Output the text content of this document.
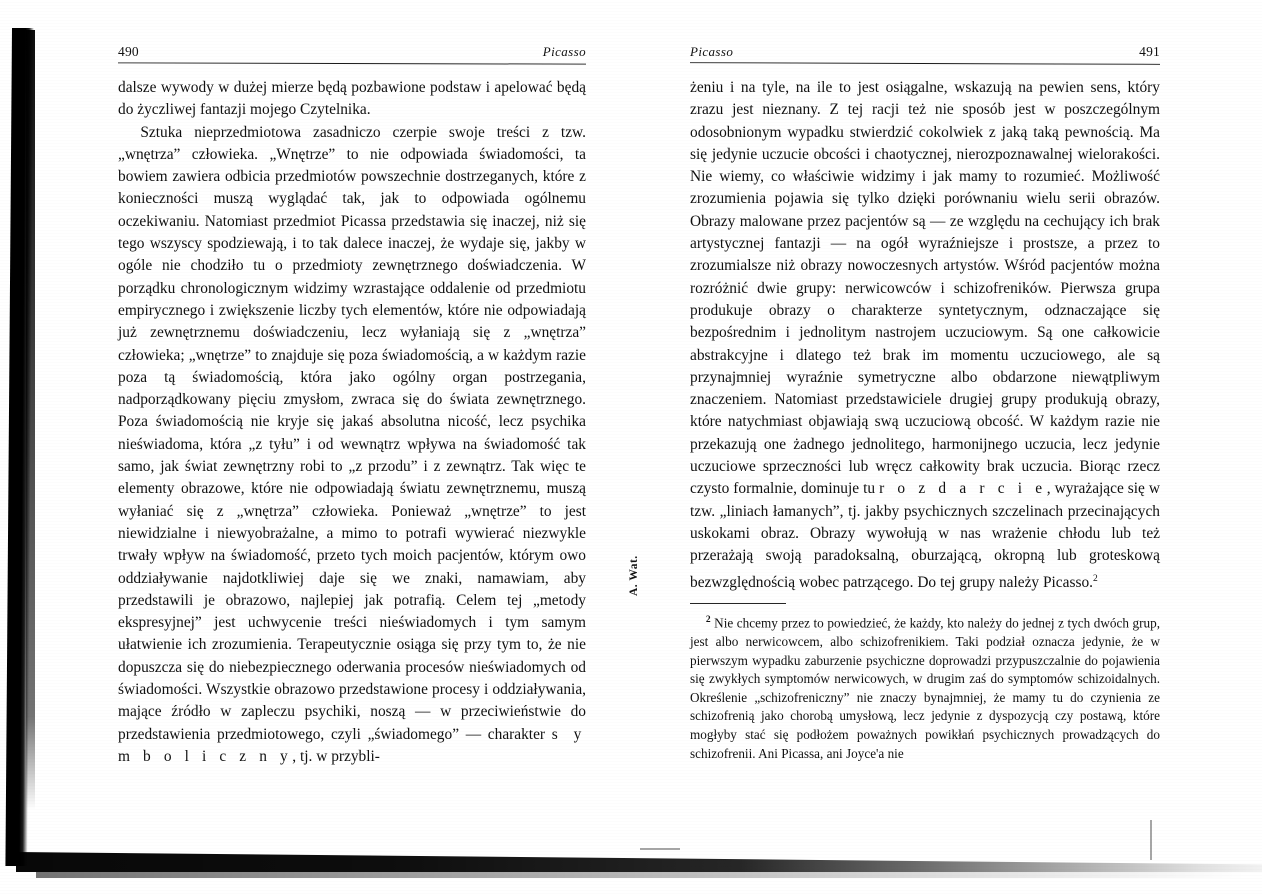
490	Picasso

dalsze wywody w dużej mierze będą pozbawione podstaw i apelować będą do życzliwej fantazji mojego Czytelnika.

Sztuka nieprzedmiotowa zasadniczo czerpie swoje treści z tzw. „wnętrza” człowieka. „Wnętrze” to nie odpowiada świadomości, ta bowiem zawiera odbicia przedmiotów powszechnie dostrzeganych, które z konieczności muszą wyglądać tak, jak to odpowiada ogólnemu oczekiwaniu. Natomiast przedmiot Picassa przedstawia się inaczej, niż się tego wszyscy spodziewają, i to tak dalece inaczej, że wydaje się, jakby w ogóle nie chodziło tu o przedmioty zewnętrznego doświadczenia. W porządku chronologicznym widzimy wzrastające oddalenie od przedmiotu empirycznego i zwiększenie liczby tych elementów, które nie odpowiadają już zewnętrznemu doświadczeniu, lecz wyłaniają się z „wnętrza” człowieka; „wnętrze” to znajduje się poza świadomością, a w każdym razie poza tą świadomością, która jako ogólny organ postrzegania, nadporządkowany pięciu zmysłom, zwraca się do świata zewnętrznego. Poza świadomością nie kryje się jakaś absolutna nicość, lecz psychika nieświadoma, która „z tyłu” i od wewnątrz wpływa na świadomość tak samo, jak świat zewnętrzny robi to „z przodu” i z zewnątrz. Tak więc te elementy obrazowe, które nie odpowiadają światu zewnętrznemu, muszą wyłaniać się z „wnętrza” człowieka. Ponieważ „wnętrze” to jest niewidzialne i niewyobrażalne, a mimo to potrafi wywierać niezwykle trwały wpływ na świadomość, przeto tych moich pacjentów, którym owo oddziaływanie najdotkliwiej daje się we znaki, namawiam, aby przedstawili je obrazowo, najlepiej jak potrafią. Celem tej „metody ekspresyjnej” jest uchwycenie treści nieświadomych i tym samym ułatwienie ich zrozumienia. Terapeutycznie osiąga się przy tym to, że nie dopuszcza się do niebezpiecznego oderwania procesów nieświadomych od świadomości. Wszystkie obrazowo przedstawione procesy i oddziaływania, mające źródło w zapleczu psychiki, noszą — w przeciwieństwie do przedstawienia przedmiotowego, czyli „świadomego” — charakter s y m b o l i c z n y, tj. w przybli-

A. Wat.
Picasso	491

żeniu i na tyle, na ile to jest osiągalne, wskazują na pewien sens, który zrazu jest nieznany. Z tej racji też nie sposób jest w poszczególnym odosobnionym wypadku stwierdzić cokolwiek z jaką taką pewnością. Ma się jedynie uczucie obcości i chaotycznej, nierozpoznawalnej wielorakości. Nie wiemy, co właściwie widzimy i jak mamy to rozumieć. Możliwość zrozumienia pojawia się tylko dzięki porównaniu wielu serii obrazów. Obrazy malowane przez pacjentów są — ze względu na cechujący ich brak artystycznej fantazji — na ogół wyraźniejsze i prostsze, a przez to zrozumialsze niż obrazy nowoczesnych artystów. Wśród pacjentów można rozróżnić dwie grupy: nerwicowców i schizofreników. Pierwsza grupa produkuje obrazy o charakterze syntetycznym, odznaczające się bezpośrednim i jednolitym nastrojem uczuciowym. Są one całkowicie abstrakcyjne i dlatego też brak im momentu uczuciowego, ale są przynajmniej wyraźnie symetryczne albo obdarzone niewątpliwym znaczeniem. Natomiast przedstawiciele drugiej grupy produkują obrazy, które natychmiast objawiają swą uczuciową obcość. W każdym razie nie przekazują one żadnego jednolitego, harmonijnego uczucia, lecz jedynie uczuciowe sprzeczności lub wręcz całkowity brak uczucia. Biorąc rzecz czysto formalnie, dominuje tu r o z d a r c i e, wyrażające się w tzw. „liniach łamanych”, tj. jakby psychicznych szczelinach przecinających uskokami obraz. Obrazy wywołują w nas wrażenie chłodu lub też przerażają swoją paradoksalną, oburzającą, okropną lub groteskową bezwzględnością wobec patrzącego. Do tej grupy należy Picasso.$^2$

$^2$ Nie chcemy przez to powiedzieć, że każdy, kto należy do jednej z tych dwóch grup, jest albo nerwicowcem, albo schizofrenikiem. Taki podział oznacza jedynie, że w pierwszym wypadku zaburzenie psychiczne doprowadzi przypuszczalnie do pojawienia się zwykłych symptomów nerwicowych, w drugim zaś do symptomów schizoidalnych. Określenie „schizofreniczny” nie znaczy bynajmniej, że mamy tu do czynienia ze schizofrenią jako chorobą umysłową, lecz jedynie z dyspozycją czy postawą, które mogłyby stać się podłożem poważnych powikłań psychicznych prowadzących do schizofrenii. Ani Picassa, ani Joyce'a nie
